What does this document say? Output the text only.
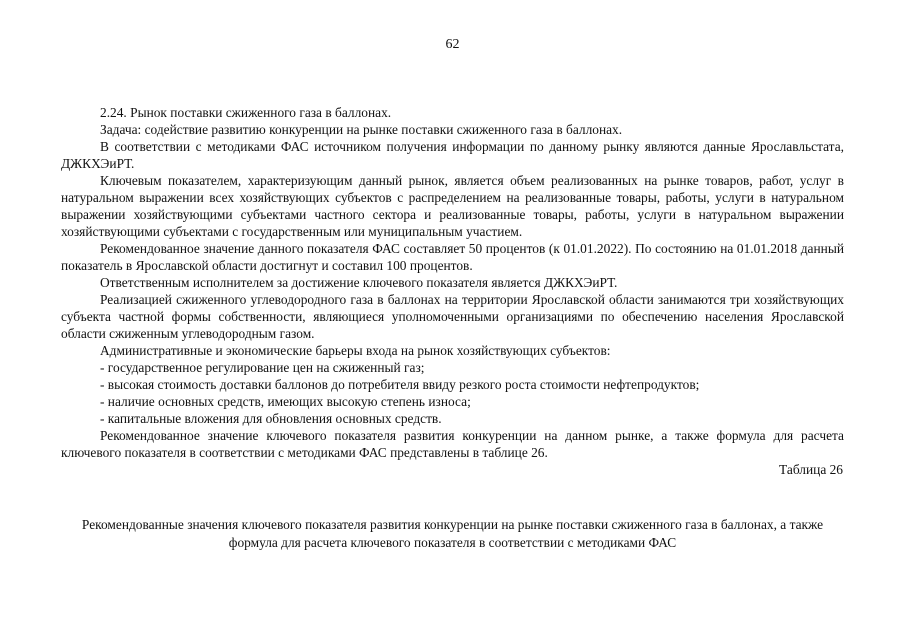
62

2.24. Рынок поставки сжиженного газа в баллонах.

Задача: содействие развитию конкуренции на рынке поставки сжиженного газа в баллонах.

В соответствии с методиками ФАС источником получения информации по данному рынку являются данные Ярославльстата, ДЖКХЭиРТ.

Ключевым показателем, характеризующим данный рынок, является объем реализованных на рынке товаров, работ, услуг в натуральном выражении всех хозяйствующих субъектов с распределением на реализованные товары, работы, услуги в натуральном выражении хозяйствующими субъектами частного сектора и реализованные товары, работы, услуги в натуральном выражении хозяйствующими субъектами с государственным или муниципальным участием.

Рекомендованное значение данного показателя ФАС составляет 50 процентов (к 01.01.2022). По состоянию на 01.01.2018 данный показатель в Ярославской области достигнут и составил 100 процентов.

Ответственным исполнителем за достижение ключевого показателя является ДЖКХЭиРТ.

Реализацией сжиженного углеводородного газа в баллонах на территории Ярославской области занимаются три хозяйствующих субъекта частной формы собственности, являющиеся уполномоченными организациями по обеспечению населения Ярославской области сжиженным углеводородным газом.

Административные и экономические барьеры входа на рынок хозяйствующих субъектов:

- государственное регулирование цен на сжиженный газ;

- высокая стоимость доставки баллонов до потребителя ввиду резкого роста стоимости нефтепродуктов;

- наличие основных средств, имеющих высокую степень износа;

- капитальные вложения для обновления основных средств.

Рекомендованное значение ключевого показателя развития конкуренции на данном рынке, а также формула для расчета ключевого показателя в соответствии с методиками ФАС представлены в таблице 26.

Таблица 26

Рекомендованные значения ключевого показателя развития конкуренции на рынке поставки сжиженного газа в баллонах, а также формула для расчета ключевого показателя в соответствии с методиками ФАС
